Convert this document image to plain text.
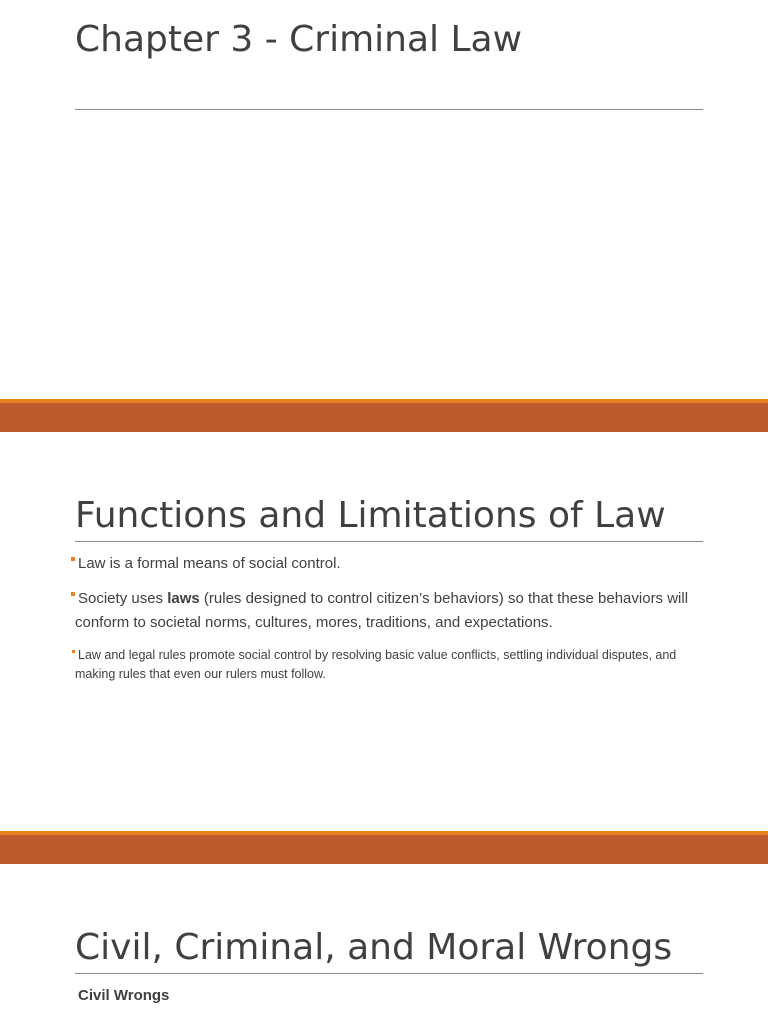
Chapter 3 - Criminal Law
Functions and Limitations of Law

Law is a formal means of social control.

Society uses laws (rules designed to control citizen’s behaviors) so that these behaviors will conform to societal norms, cultures, mores, traditions, and expectations.

Law and legal rules promote social control by resolving basic value conflicts, settling individual disputes, and making rules that even our rulers must follow.

Civil, Criminal, and Moral Wrongs

Civil Wrongs
